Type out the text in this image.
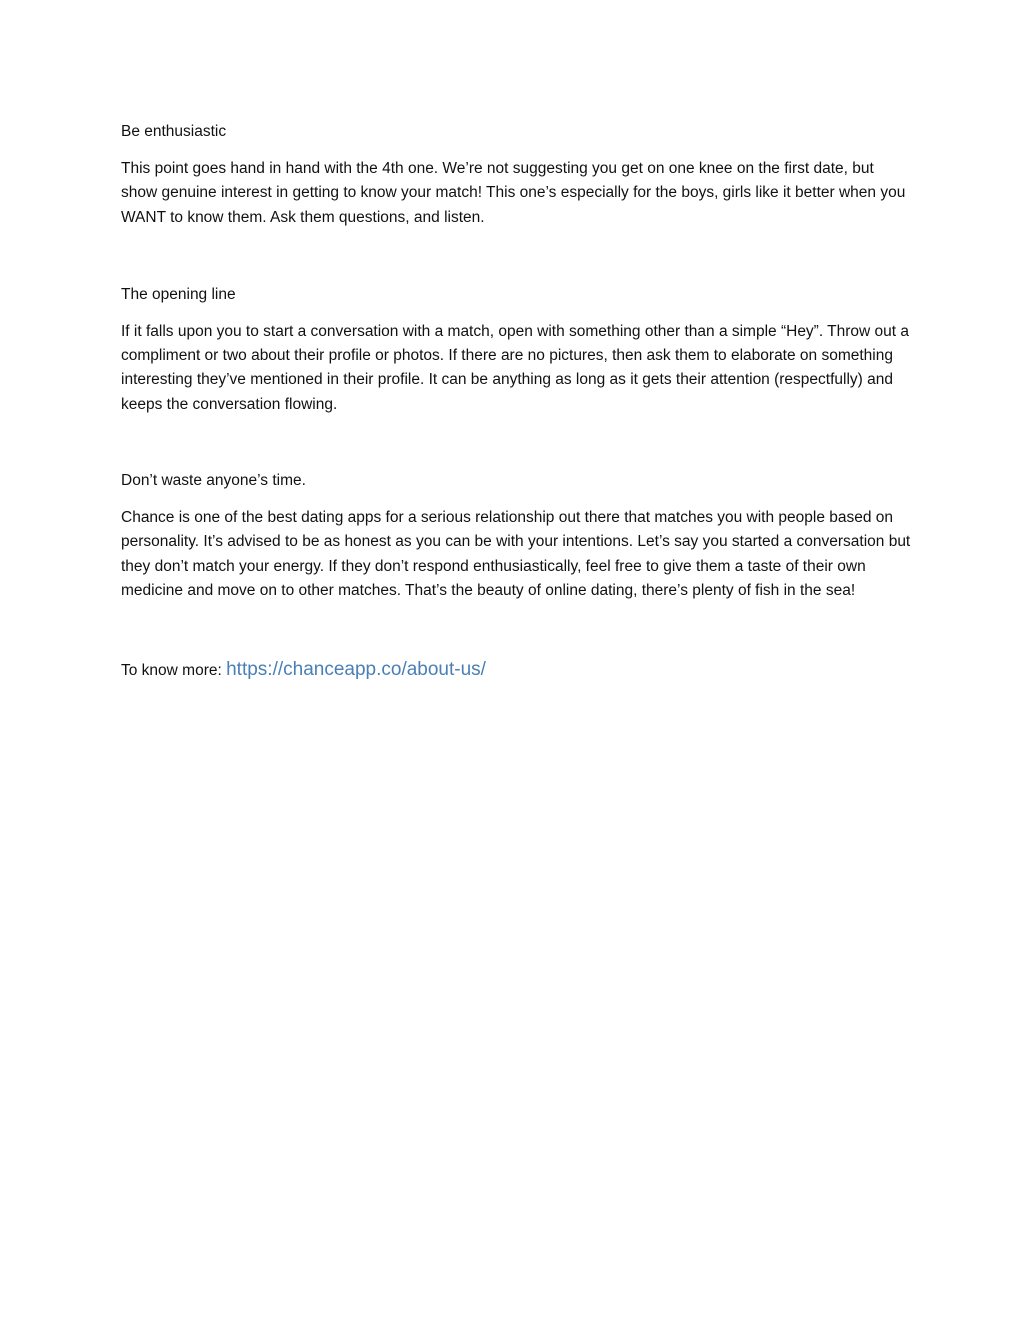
Be enthusiastic

This point goes hand in hand with the 4th one. We’re not suggesting you get on one knee on the first date, but show genuine interest in getting to know your match! This one’s especially for the boys, girls like it better when you WANT to know them. Ask them questions, and listen.

The opening line

If it falls upon you to start a conversation with a match, open with something other than a simple “Hey”. Throw out a compliment or two about their profile or photos. If there are no pictures, then ask them to elaborate on something interesting they’ve mentioned in their profile. It can be anything as long as it gets their attention (respectfully) and keeps the conversation flowing.

Don’t waste anyone’s time.

Chance is one of the best dating apps for a serious relationship out there that matches you with people based on personality. It’s advised to be as honest as you can be with your intentions. Let’s say you started a conversation but they don’t match your energy. If they don’t respond enthusiastically, feel free to give them a taste of their own medicine and move on to other matches. That’s the beauty of online dating, there’s plenty of fish in the sea!

To know more: https://chanceapp.co/about-us/
